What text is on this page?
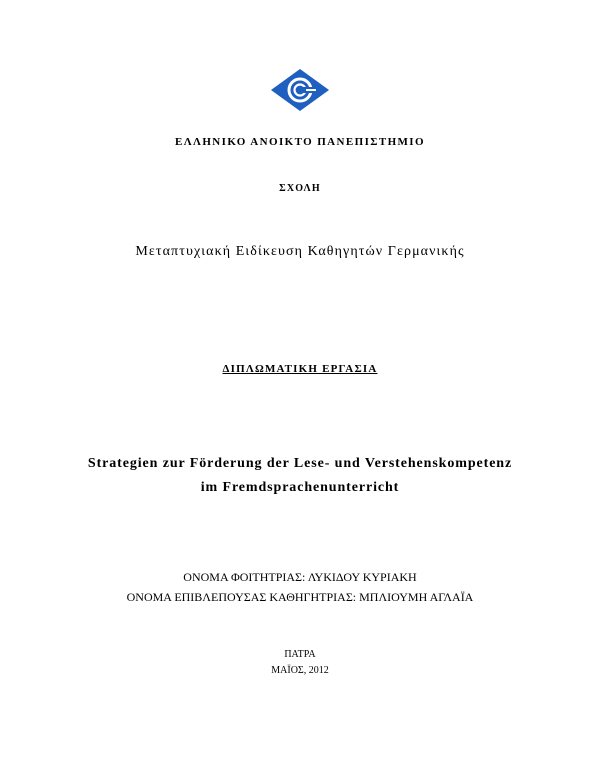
ΕΛΛΗΝΙΚΟ ΑΝΟΙΚΤΟ ΠΑΝΕΠΙΣΤΗΜΙΟ
ΣΧΟΛΗ
Μεταπτυχιακή Ειδίκευση Καθηγητών Γερμανικής
ΔΙΠΛΩΜΑΤΙΚΗ ΕΡΓΑΣΙΑ
Strategien zur Förderung der Lese- und Verstehenskompetenz
im Fremdsprachenunterricht
ΟΝΟΜΑ ΦΟΙΤΗΤΡΙΑΣ: ΛΥΚΙΔΟΥ ΚΥΡΙΑΚΗ
ΟΝΟΜΑ ΕΠΙΒΛΕΠΟΥΣΑΣ ΚΑΘΗΓΗΤΡΙΑΣ: ΜΠΛΙΟΥΜΗ ΑΓΛΑΪΑ
ΠΑΤΡΑ
ΜΑΪΟΣ, 2012
